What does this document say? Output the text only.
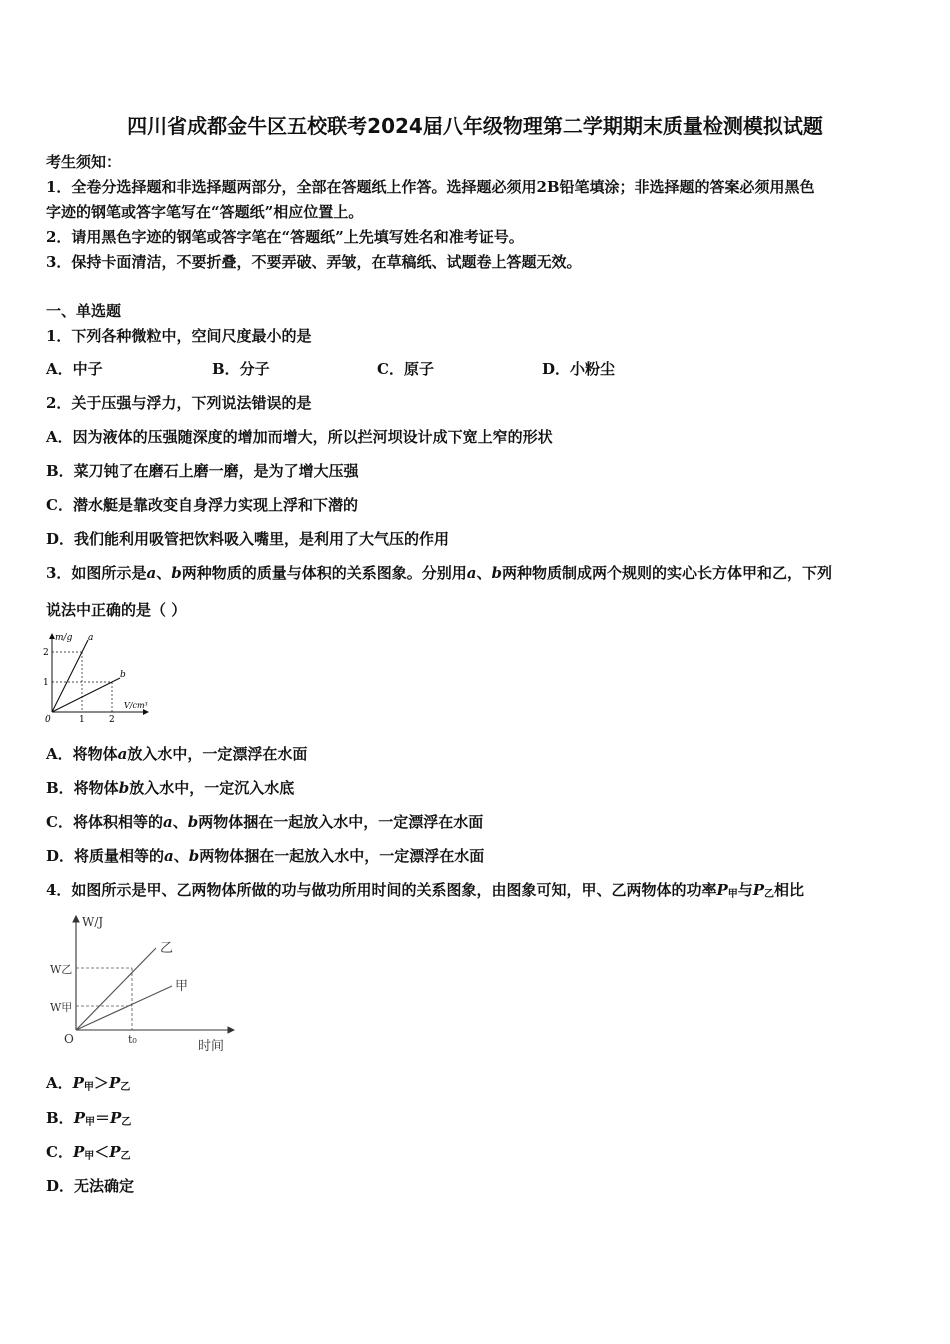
四川省成都金牛区五校联考2024届八年级物理第二学期期末质量检测模拟试题
考生须知：
1．全卷分选择题和非选择题两部分，全部在答题纸上作答。选择题必须用2B铅笔填涂；非选择题的答案必须用黑色
字迹的钢笔或答字笔写在“答题纸”相应位置上。
2．请用黑色字迹的钢笔或答字笔在“答题纸”上先填写姓名和准考证号。
3．保持卡面清洁，不要折叠，不要弄破、弄皱，在草稿纸、试题卷上答题无效。
一、单选题
1．下列各种微粒中，空间尺度最小的是
A．中子	B．分子	C．原子	D．小粉尘
2．关于压强与浮力，下列说法错误的是
A．因为液体的压强随深度的增加而增大，所以拦河坝设计成下宽上窄的形状
B．菜刀钝了在磨石上磨一磨，是为了增大压强
C．潜水艇是靠改变自身浮力实现上浮和下潜的
D．我们能利用吸管把饮料吸入嘴里，是利用了大气压的作用
3．如图所示是a、b两种物质的质量与体积的关系图象。分别用a、b两种物质制成两个规则的实心长方体甲和乙，下列
说法中正确的是（ ）
m/g a
b
2
1
0	1	2
V/cm³
A．将物体a放入水中，一定漂浮在水面
B．将物体b放入水中，一定沉入水底
C．将体积相等的a、b两物体捆在一起放入水中，一定漂浮在水面
D．将质量相等的a、b两物体捆在一起放入水中，一定漂浮在水面
4．如图所示是甲、乙两物体所做的功与做功所用时间的关系图象，由图象可知，甲、乙两物体的功率$P_甲$与$P_乙$相比
W/J
乙
甲
W乙
W甲
O	t₀	时间
A．$P_甲>P_乙$
B．$P_甲=P_乙$
C．$P_甲<P_乙$
D．无法确定
